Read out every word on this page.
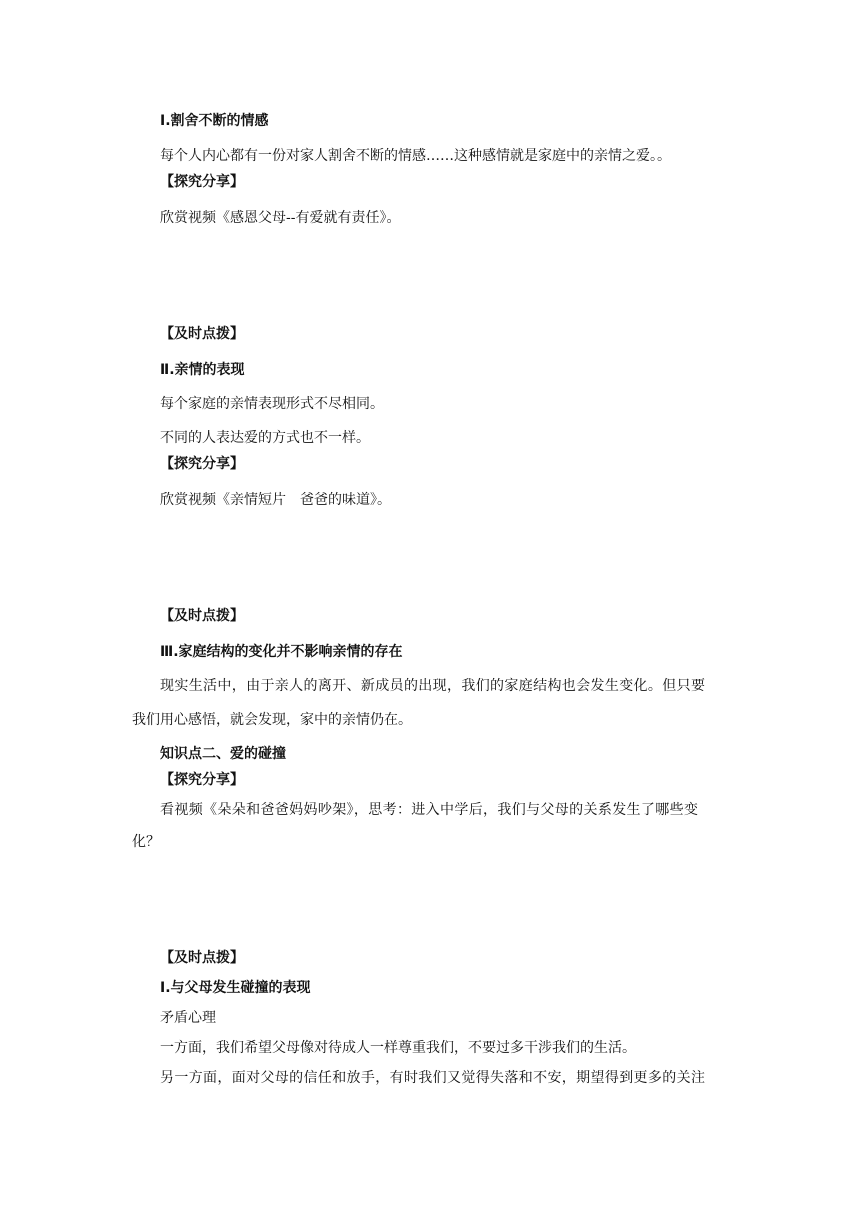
Ⅰ.割舍不断的情感
每个人内心都有一份对家人割舍不断的情感……这种感情就是家庭中的亲情之爱。。
【探究分享】
欣赏视频《感恩父母--有爱就有责任》。
【及时点拨】
Ⅱ.亲情的表现
每个家庭的亲情表现形式不尽相同。
不同的人表达爱的方式也不一样。
【探究分享】
欣赏视频《亲情短片　爸爸的味道》。
【及时点拨】
Ⅲ.家庭结构的变化并不影响亲情的存在
现实生活中，由于亲人的离开、新成员的出现，我们的家庭结构也会发生变化。但只要
我们用心感悟，就会发现，家中的亲情仍在。
知识点二、爱的碰撞
【探究分享】
看视频《朵朵和爸爸妈妈吵架》，思考：进入中学后，我们与父母的关系发生了哪些变
化？
【及时点拨】
Ⅰ.与父母发生碰撞的表现
矛盾心理
一方面，我们希望父母像对待成人一样尊重我们，不要过多干涉我们的生活。
另一方面，面对父母的信任和放手，有时我们又觉得失落和不安，期望得到更多的关注
